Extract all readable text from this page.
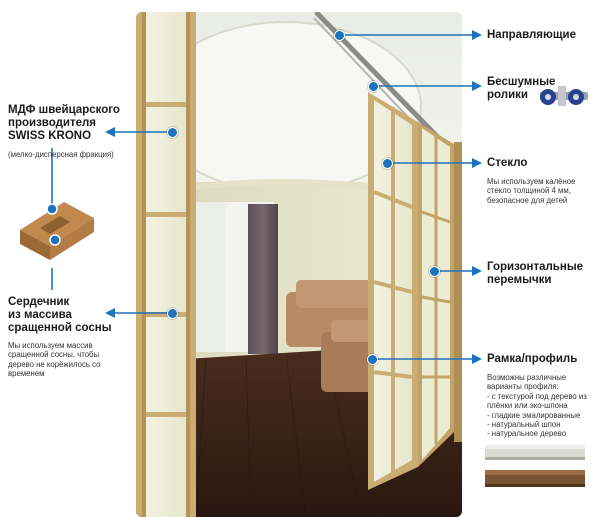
Направляющие
Бесшумные
ролики
Стекло
Мы используем калёное стекло толщиной 4 мм, безопасное для детей
Горизонтальные
перемычки
Рамка/профиль
Возможны различные варианты профиля:
- с текстурой под дерево из плёнки или эко-шпона
- гладкие эмалированные
- натуральный шпон
- натуральное дерево
МДФ швейцарского
производителя
SWISS KRONO
(мелко-дисперсная фракция)
Сердечник
из массива
сращенной сосны
Мы используем массив сращенной сосны, чтобы дерево не корёжилось со временем
